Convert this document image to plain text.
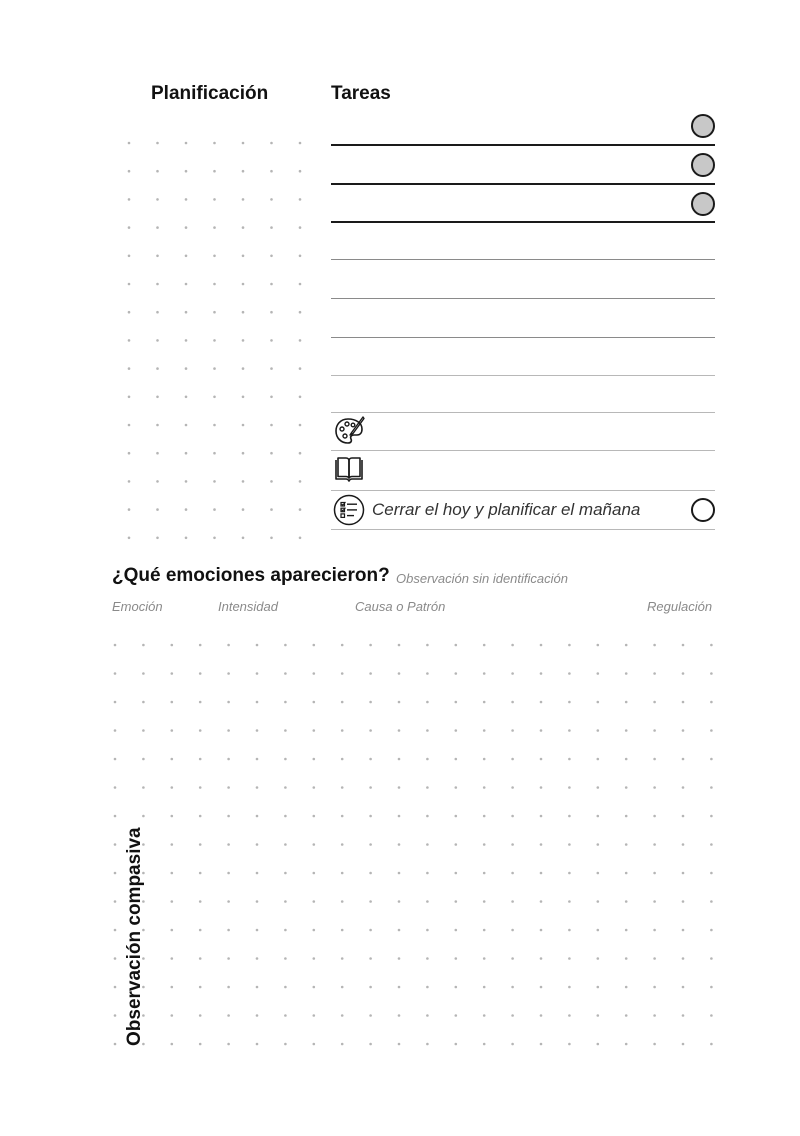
Planificación	Tareas
Cerrar el hoy y planificar el mañana
¿Qué emociones aparecieron? Observación sin identificación
Emoción	Intensidad	Causa o Patrón	Regulación
Observación compasiva
